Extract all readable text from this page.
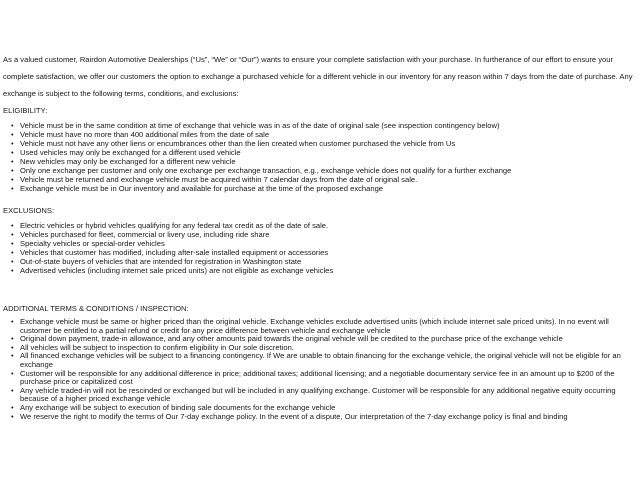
As a valued customer, Rairdon Automotive Dealerships (“Us”, “We” or “Our”) wants to ensure your complete satisfaction with your purchase. In furtherance of our effort to ensure your complete satisfaction, we offer our customers the option to exchange a purchased vehicle for a different vehicle in our inventory for any reason within 7 days from the date of purchase. Any exchange is subject to the following terms, conditions, and exclusions:

ELIGIBILITY:
• Vehicle must be in the same condition at time of exchange that vehicle was in as of the date of original sale (see inspection contingency below)
• Vehicle must have no more than 400 additional miles from the date of sale
• Vehicle must not have any other liens or encumbrances other than the lien created when customer purchased the vehicle from Us
• Used vehicles may only be exchanged for a different used vehicle
• New vehicles may only be exchanged for a different new vehicle
• Only one exchange per customer and only one exchange per exchange transaction, e.g., exchange vehicle does not qualify for a further exchange
• Vehicle must be returned and exchange vehicle must be acquired within 7 calendar days from the date of original sale.
• Exchange vehicle must be in Our inventory and available for purchase at the time of the proposed exchange
EXCLUSIONS:
• Electric vehicles or hybrid vehicles qualifying for any federal tax credit as of the date of sale.
• Vehicles purchased for fleet, commercial or livery use, including ride share
• Specialty vehicles or special-order vehicles
• Vehicles that customer has modified, including after-sale installed equipment or accessories
• Out-of-state buyers of vehicles that are intended for registration in Washington state
• Advertised vehicles (including internet sale priced units) are not eligible as exchange vehicles
ADDITIONAL TERMS & CONDITIONS / INSPECTION:
• Exchange vehicle must be same or higher priced than the original vehicle. Exchange vehicles exclude advertised units (which include internet sale priced units). In no event will customer be entitled to a partial refund or credit for any price difference between vehicle and exchange vehicle
• Original down payment, trade-in allowance, and any other amounts paid towards the original vehicle will be credited to the purchase price of the exchange vehicle
• All vehicles will be subject to inspection to confirm eligibility in Our sole discretion.
• All financed exchange vehicles will be subject to a financing contingency. If We are unable to obtain financing for the exchange vehicle, the original vehicle will not be eligible for an exchange
• Customer will be responsible for any additional difference in price; additional taxes; additional licensing; and a negotiable documentary service fee in an amount up to $200 of the purchase price or capitalized cost
• Any vehicle traded-in will not be rescinded or exchanged but will be included in any qualifying exchange. Customer will be responsible for any additional negative equity occurring because of a higher priced exchange vehicle
• Any exchange will be subject to execution of binding sale documents for the exchange vehicle
• We reserve the right to modify the terms of Our 7-day exchange policy. In the event of a dispute, Our interpretation of the 7-day exchange policy is final and binding
